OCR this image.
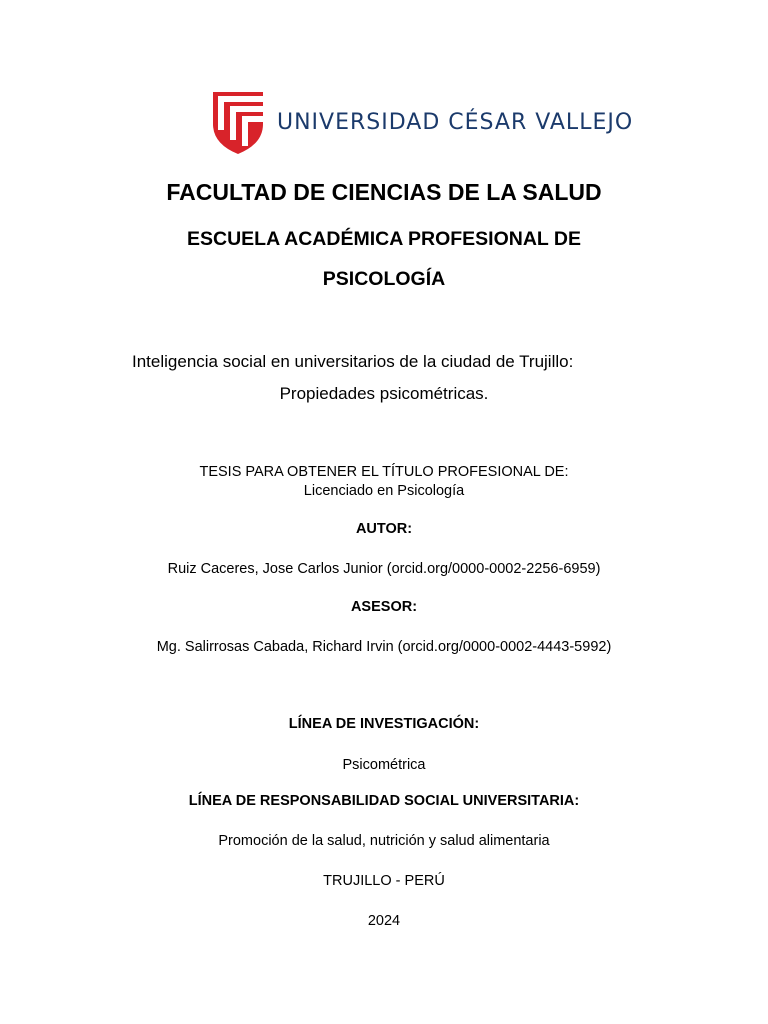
UNIVERSIDAD CÉSAR VALLEJO
FACULTAD DE CIENCIAS DE LA SALUD
ESCUELA ACADÉMICA PROFESIONAL DE
PSICOLOGÍA
Inteligencia social en universitarios de la ciudad de Trujillo:
Propiedades psicométricas.
TESIS PARA OBTENER EL TÍTULO PROFESIONAL DE:
Licenciado en Psicología
AUTOR:
Ruiz Caceres, Jose Carlos Junior (orcid.org/0000-0002-2256-6959)
ASESOR:
Mg. Salirrosas Cabada, Richard Irvin (orcid.org/0000-0002-4443-5992)
LÍNEA DE INVESTIGACIÓN:
Psicométrica
LÍNEA DE RESPONSABILIDAD SOCIAL UNIVERSITARIA:
Promoción de la salud, nutrición y salud alimentaria
TRUJILLO - PERÚ
2024
